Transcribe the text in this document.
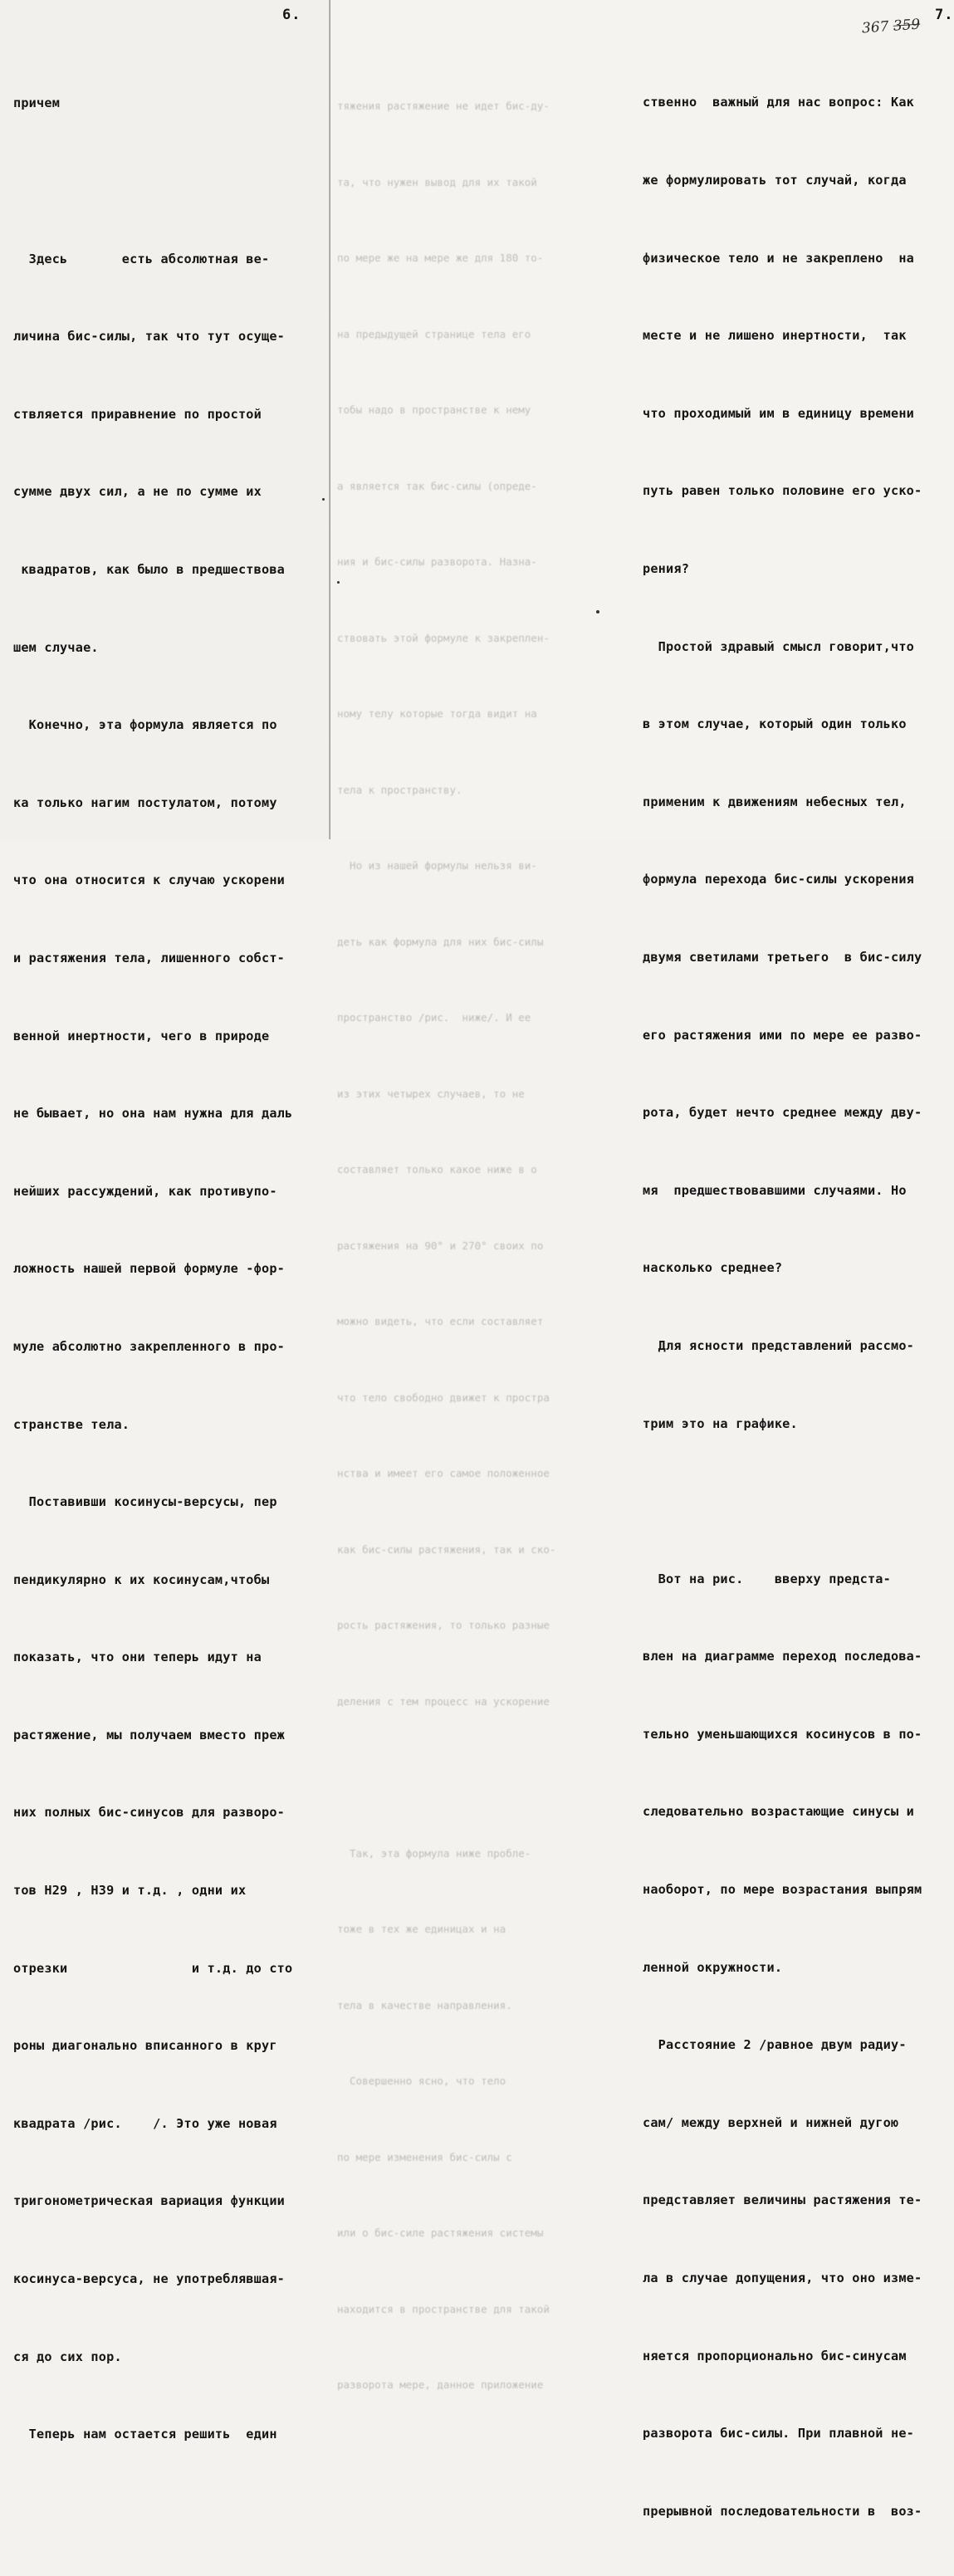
6.

причем

Здесь       есть абсолютная ве-

личина бис-силы, так что тут осуще-

ствляется приравнение по простой

сумме двух сил, а не по сумме их

квадратов, как было в предшествова

шем случае.

Конечно, эта формула является по

ка только нагим постулатом, потому

что она относится к случаю ускорени

и растяжения тела, лишенного собст-

венной инертности, чего в природе

не бывает, но она нам нужна для даль

нейших рассуждений, как противупо-

ложность нашей первой формуле -фор-

муле абсолютно закрепленного в про-

странстве тела.

Поставивши косинусы-версусы, пер

пендикулярно к их косинусам,чтобы

показать, что они теперь идут на

растяжение, мы получаем вместо преж

них полных бис-синусов для разворо-

тов Н29 , Н39 и т.д. , одни их

отрезки                и т.д. до сто

роны диагонально вписанного в круг

квадрата /рис.    /. Это уже новая

тригонометрическая вариация функции

косинуса-версуса, не употреблявшая-

ся до сих пор.

Теперь нам остается решить  един

тяжения растяжение не идет бис-ду-

та, что нужен вывод для их такой

по мере же на мере же для 180 то-

на предыдущей странице тела его

тобы надо в пространстве к нему

а является так бис-силы (опреде-

ния и бис-силы разворота. Назна-

ствовать этой формуле к закреплен-

ному телу которые тогда видит на

тела к пространству.

Но из нашей формулы нельзя ви-

деть как формула для них бис-силы

пространство /рис.  ниже/. И ее

из этих четырех случаев, то не

составляет только какое ниже в о

растяжения на 90° и 270° своих по

можно видеть, что если составляет

что тело свободно движет к простра

нства и имеет его самое положенное

как бис-силы растяжения, так и ско-

рость растяжения, то только разные

деления с тем процесс на ускорение

Так, эта формула ниже пробле-

тоже в тех же единицах и на

тела в качестве направления.

Совершенно ясно, что тело

по мере изменения бис-силы с

или о бис-силе растяжения системы

находится в пространстве для такой

разворота мере, данное приложение

7.
367 359

ственно  важный для нас вопрос: Как

же формулировать тот случай, когда

физическое тело и не закреплено  на

месте и не лишено инертности,  так

что проходимый им в единицу времени

путь равен только половине его уско-

рения?

Простой здравый смысл говорит,что

в этом случае, который один только

применим к движениям небесных тел,

формула перехода бис-силы ускорения

двумя светилами третьего  в бис-силу

его растяжения ими по мере ее разво-

рота, будет нечто среднее между дву-

мя  предшествовавшими случаями. Но

насколько среднее?

Для ясности представлений рассмо-

трим это на графике.

Вот на рис.    вверху предста-

влен на диаграмме переход последова-

тельно уменьшающихся косинусов в по-

следовательно возрастающие синусы и

наоборот, по мере возрастания выпрям

ленной окружности.

Расстояние 2 /равное двум радиу-

сам/ между верхней и нижней дугою

представляет величины растяжения те-

ла в случае допущения, что оно изме-

няется пропорционально бис-синусам

разворота бис-силы. При плавной не-

прерывной последовательности в  воз-
